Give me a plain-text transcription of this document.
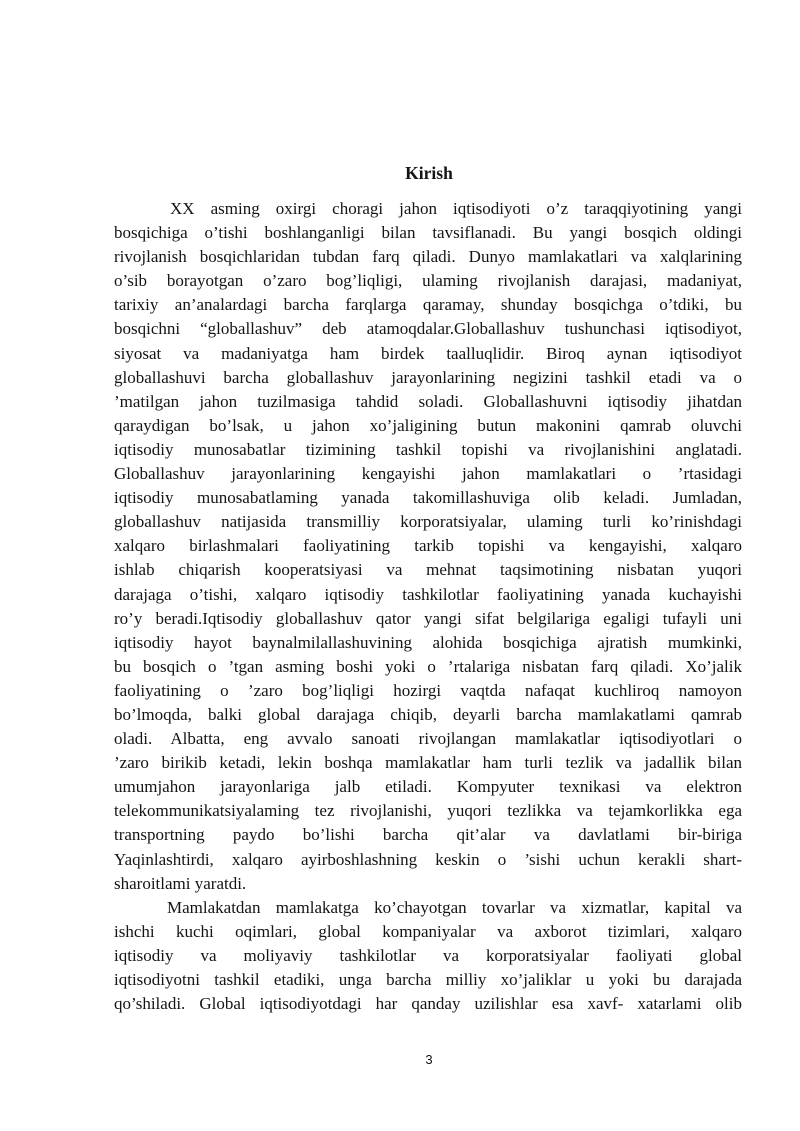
Kirish

XX asming oxirgi choragi jahon iqtisodiyoti o’z taraqqiyotining yangi
bosqichiga o’tishi boshlanganligi bilan tavsiflanadi. Bu yangi bosqich oldingi
rivojlanish bosqichlaridan tubdan farq qiladi. Dunyo mamlakatlari va xalqlarining
o’sib borayotgan o’zaro bog’liqligi, ulaming rivojlanish darajasi, madaniyat,
tarixiy an’analardagi barcha farqlarga qaramay, shunday bosqichga o’tdiki, bu
bosqichni “globallashuv” deb atamoqdalar.Globallashuv tushunchasi iqtisodiyot,
siyosat va madaniyatga ham birdek taalluqlidir. Biroq aynan iqtisodiyot
globallashuvi barcha globallashuv jarayonlarining negizini tashkil etadi va o
’matilgan jahon tuzilmasiga tahdid soladi. Globallashuvni iqtisodiy jihatdan
qaraydigan bo’lsak, u jahon xo’jaligining butun makonini qamrab oluvchi
iqtisodiy munosabatlar tizimining tashkil topishi va rivojlanishini anglatadi.
Globallashuv jarayonlarining kengayishi jahon mamlakatlari o ’rtasidagi
iqtisodiy munosabatlaming yanada takomillashuviga olib keladi. Jumladan,
globallashuv natijasida transmilliy korporatsiyalar, ulaming turli ko’rinishdagi
xalqaro birlashmalari faoliyatining tarkib topishi va kengayishi, xalqaro
ishlab chiqarish kooperatsiyasi va mehnat taqsimotining nisbatan yuqori
darajaga o’tishi, xalqaro iqtisodiy tashkilotlar faoliyatining yanada kuchayishi
ro’y beradi.Iqtisodiy globallashuv qator yangi sifat belgilariga egaligi tufayli uni
iqtisodiy hayot baynalmilallashuvining alohida bosqichiga ajratish mumkinki,
bu bosqich o ’tgan asming boshi yoki o ’rtalariga nisbatan farq qiladi. Xo’jalik
faoliyatining o ’zaro bog’liqligi hozirgi vaqtda nafaqat kuchliroq namoyon
bo’lmoqda, balki global darajaga chiqib, deyarli barcha mamlakatlami qamrab
oladi. Albatta, eng avvalo sanoati rivojlangan mamlakatlar iqtisodiyotlari o
’zaro birikib ketadi, lekin boshqa mamlakatlar ham turli tezlik va jadallik bilan
umumjahon jarayonlariga jalb etiladi. Kompyuter texnikasi va elektron
telekommunikatsiyalaming tez rivojlanishi, yuqori tezlikka va tejamkorlikka ega
transportning paydo bo’lishi barcha qit’alar va davlatlami bir-biriga
Yaqinlashtirdi, xalqaro ayirboshlashning keskin o ’sishi uchun kerakli shart-
sharoitlami yaratdi.

Mamlakatdan mamlakatga ko’chayotgan tovarlar va xizmatlar, kapital va
ishchi kuchi oqimlari, global kompaniyalar va axborot tizimlari, xalqaro
iqtisodiy va moliyaviy tashkilotlar va korporatsiyalar faoliyati global
iqtisodiyotni tashkil etadiki, unga barcha milliy xo’jaliklar u yoki bu darajada
qo’shiladi. Global iqtisodiyotdagi har qanday uzilishlar esa xavf- xatarlami olib

3
